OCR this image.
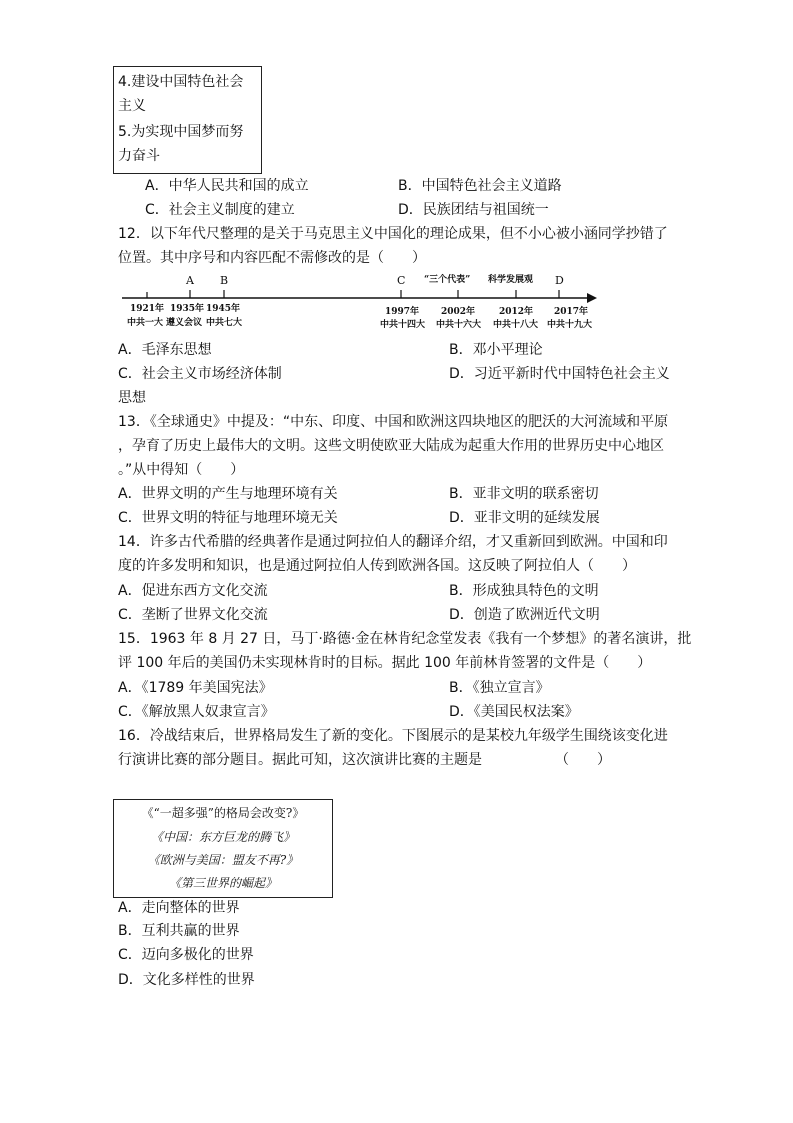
4.建设中国特色社会
主义
5.为实现中国梦而努
力奋斗
A．中华人民共和国的成立	B．中国特色社会主义道路
C．社会主义制度的建立	D．民族团结与祖国统一
12．以下年代尺整理的是关于马克思主义中国化的理论成果，但不小心被小涵同学抄错了
位置。其中序号和内容匹配不需修改的是（　　）
A B	C “三个代表” 科学发展观 D
1921年 1935年 1945年	1997年 2002年	2012年 2017年
中共一大 遵义会议 中共七大	中共十四大 中共十六大 中共十八大 中共十九大
A．毛泽东思想	B．邓小平理论
C．社会主义市场经济体制	D．习近平新时代中国特色社会主义
思想
13．《全球通史》中提及：“中东、印度、中国和欧洲这四块地区的肥沃的大河流域和平原
，孕育了历史上最伟大的文明。这些文明使欧亚大陆成为起重大作用的世界历史中心地区
。”从中得知（　　）
A．世界文明的产生与地理环境有关	B．亚非文明的联系密切
C．世界文明的特征与地理环境无关	D．亚非文明的延续发展
14．许多古代希腊的经典著作是通过阿拉伯人的翻译介绍，才又重新回到欧洲。中国和印
度的许多发明和知识，也是通过阿拉伯人传到欧洲各国。这反映了阿拉伯人（　　）
A．促进东西方文化交流	B．形成独具特色的文明
C．垄断了世界文化交流	D．创造了欧洲近代文明
15．1963 年 8 月 27 日，马丁·路德·金在林肯纪念堂发表《我有一个梦想》的著名演讲，批
评 100 年后的美国仍未实现林肯时的目标。据此 100 年前林肯签署的文件是（　　）
A．《1789 年美国宪法》	B．《独立宣言》
C．《解放黑人奴隶宣言》	D．《美国民权法案》
16．冷战结束后，世界格局发生了新的变化。下图展示的是某校九年级学生围绕该变化进
行演讲比赛的部分题目。据此可知，这次演讲比赛的主题是	（　　）
《“一超多强”的格局会改变?》
《中国：东方巨龙的腾飞》
《欧洲与美国：盟友不再?》
《第三世界的崛起》
A．走向整体的世界
B．互利共赢的世界
C．迈向多极化的世界
D．文化多样性的世界
